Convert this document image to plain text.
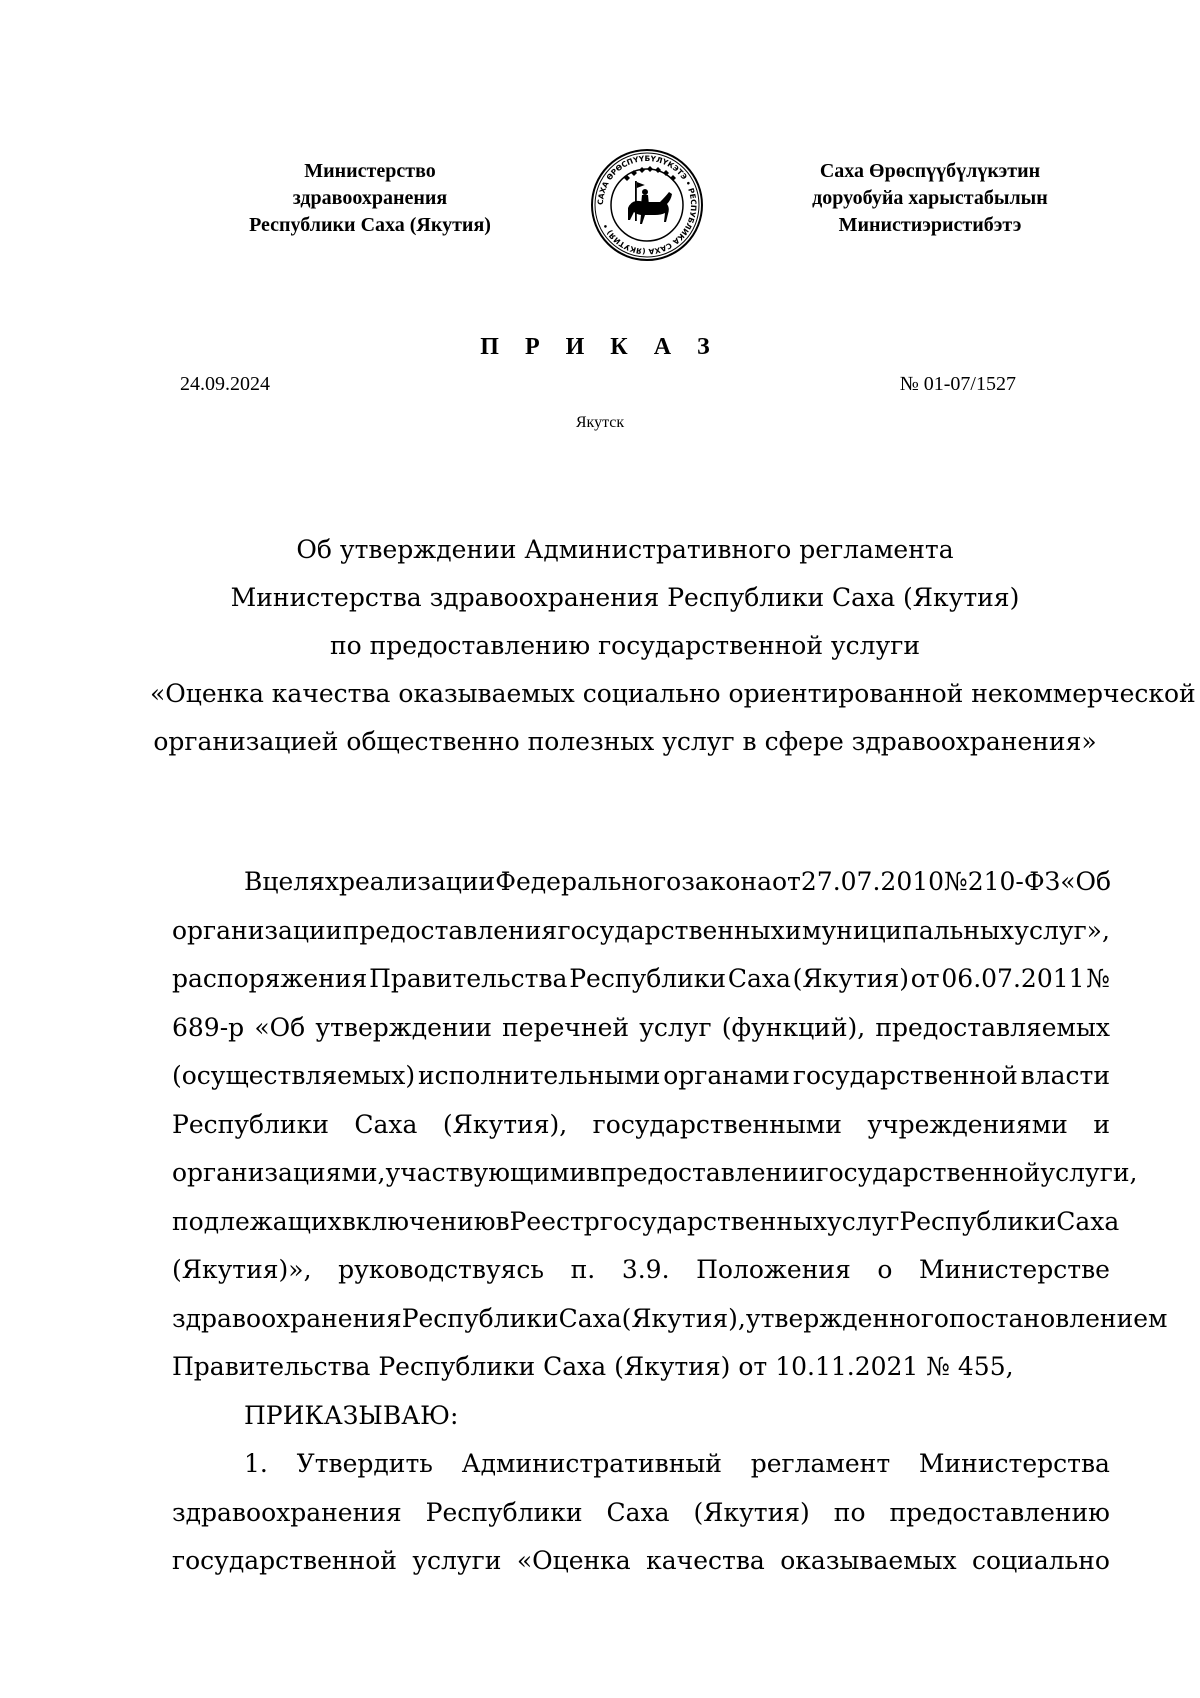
Министерство
здравоохранения
Республики Саха (Якутия)
САХА ӨРӨСПҮҮБҮЛҮКЭТЭ • РЕСПУБЛИКА САХА (ЯКУТИЯ) •
Саха Өрөспүүбүлүкэтин
доруобуйа харыстабылын
Министиэристибэтэ
П Р И К А З
24.09.2024	№ 01-07/1527
Якутск
Об утверждении Административного регламента
Министерства здравоохранения Республики Саха (Якутия)
по предоставлению государственной услуги
«Оценка качества оказываемых социально ориентированной некоммерческой
организацией общественно полезных услуг в сфере здравоохранения»
В целях реализации Федерального закона от 27.07.2010 № 210-ФЗ «Об
организации предоставления государственных и муниципальных услуг»,
распоряжения Правительства Республики Саха (Якутия) от 06.07.2011 №
689-р «Об утверждении перечней услуг (функций), предоставляемых
(осуществляемых) исполнительными органами государственной власти
Республики Саха (Якутия), государственными учреждениями и
организациями, участвующими в предоставлении государственной услуги,
подлежащих включению в Реестр государственных услуг Республики Саха
(Якутия)», руководствуясь п. 3.9. Положения о Министерстве
здравоохранения Республики Саха (Якутия), утвержденного постановлением
Правительства Республики Саха (Якутия) от 10.11.2021 № 455,
ПРИКАЗЫВАЮ:
1. Утвердить Административный регламент Министерства
здравоохранения Республики Саха (Якутия) по предоставлению
государственной услуги «Оценка качества оказываемых социально
